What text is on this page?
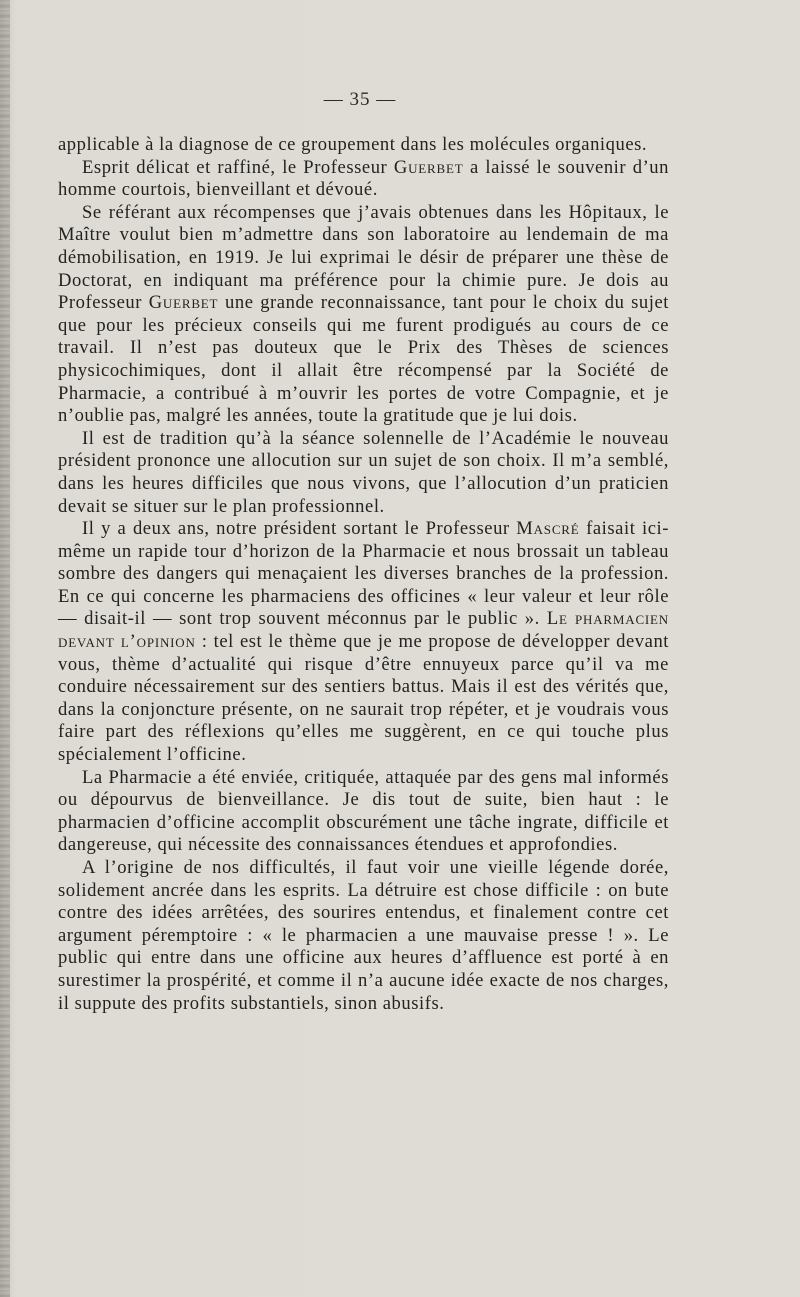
— 35 —

applicable à la diagnose de ce groupement dans les molécules organiques.

Esprit délicat et raffiné, le Professeur Guerbet a laissé le souvenir d’un homme courtois, bienveillant et dévoué.

Se référant aux récompenses que j’avais obtenues dans les Hôpitaux, le Maître voulut bien m’admettre dans son laboratoire au lendemain de ma démobilisation, en 1919. Je lui exprimai le désir de préparer une thèse de Doctorat, en indiquant ma préférence pour la chimie pure. Je dois au Professeur Guerbet une grande reconnaissance, tant pour le choix du sujet que pour les précieux conseils qui me furent prodigués au cours de ce travail. Il n’est pas douteux que le Prix des Thèses de sciences physicochimiques, dont il allait être récompensé par la Société de Pharmacie, a contribué à m’ouvrir les portes de votre Compagnie, et je n’oublie pas, malgré les années, toute la gratitude que je lui dois.

Il est de tradition qu’à la séance solennelle de l’Académie le nouveau président prononce une allocution sur un sujet de son choix. Il m’a semblé, dans les heures difficiles que nous vivons, que l’allocution d’un praticien devait se situer sur le plan professionnel.

Il y a deux ans, notre président sortant le Professeur Mascré faisait ici-même un rapide tour d’horizon de la Pharmacie et nous brossait un tableau sombre des dangers qui menaçaient les diverses branches de la profession. En ce qui concerne les pharmaciens des officines « leur valeur et leur rôle — disait-il — sont trop souvent méconnus par le public ». Le pharmacien devant l’opinion : tel est le thème que je me propose de développer devant vous, thème d’actualité qui risque d’être ennuyeux parce qu’il va me conduire nécessairement sur des sentiers battus. Mais il est des vérités que, dans la conjoncture présente, on ne saurait trop répéter, et je voudrais vous faire part des réflexions qu’elles me suggèrent, en ce qui touche plus spécialement l’officine.

La Pharmacie a été enviée, critiquée, attaquée par des gens mal informés ou dépourvus de bienveillance. Je dis tout de suite, bien haut : le pharmacien d’officine accomplit obscurément une tâche ingrate, difficile et dangereuse, qui nécessite des connaissances étendues et approfondies.

A l’origine de nos difficultés, il faut voir une vieille légende dorée, solidement ancrée dans les esprits. La détruire est chose difficile : on bute contre des idées arrêtées, des sourires entendus, et finalement contre cet argument péremptoire : « le pharmacien a une mauvaise presse ! ». Le public qui entre dans une officine aux heures d’affluence est porté à en surestimer la prospérité, et comme il n’a aucune idée exacte de nos charges, il suppute des profits substantiels, sinon abusifs.
